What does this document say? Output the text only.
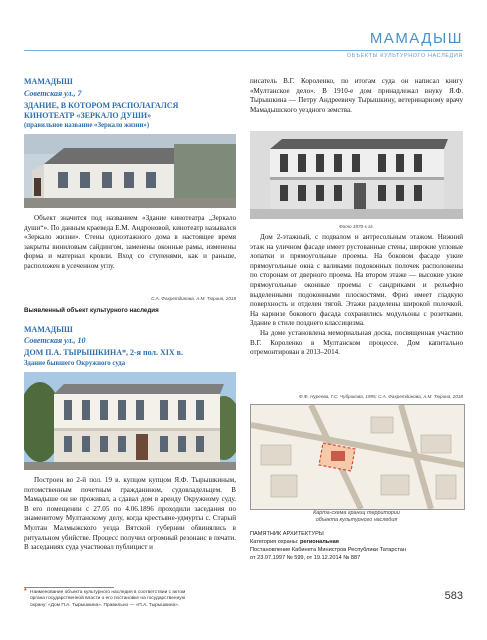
МАМАДЫШ
ОБЪЕКТЫ КУЛЬТУРНОГО НАСЛЕДИЯ
МАМАДЫШ
Советская ул., 7
ЗДАНИЕ, В КОТОРОМ РАСПОЛАГАЛСЯ
КИНОТЕАТР «ЗЕРКАЛО ДУШИ»
(правильное название «Зеркало жизни»)

Объект значится под названием «Здание кинотеатра „Зеркало души“». По данным краеведа Е.М. Андроновой, кинотеатр назывался «Зеркало жизни». Стены одноэтажного дома в настоящее время закрыты виниловым сайдингом, заменены оконные рамы, изменены форма и материал кровли. Вход со ступенями, как и раньше, расположен в усеченном углу.

С.А. Фахретдинова, А.М. Тюрина, 2018
Выявленный объект культурного наследия
МАМАДЫШ
Советская ул., 10
ДОМ П.А. ТЫРЫШКИНА*, 2-я пол. XIX в.
Здание бывшего Окружного суда

Построен во 2-й пол. 19 в. купцом купцом Я.Ф. Тырышкиным, потомственным почетным гражданином, судовладельцем. В Мамадыше он не проживал, а сдавал дом в аренду Окружному суду. В его помещении с 27.05 по 4.06.1896 проходили заседания по знаменитому Мултанскому делу, когда крестьяне-удмурты с. Старый Мултан Малмыжского уезда Вятской губернии обвинялись в ритуальном убийстве. Процесс получил огромный резонанс в печати. В заседаниях суда участвовал публицист и

писатель В.Г. Короленко, по итогам суда он написал книгу «Мултанское дело». В 1910-е дом принадлежал внуку Я.Ф. Тырышкина — Петру Андреевичу Тырышкину, ветеринарному врачу Мамадышского уездного земства.

Фото 1970-х гг.

Дом 2-этажный, с подвалом и антресольным этажом. Нижний этаж на уличном фасаде имеет рустованные стены, широкие угловые лопатки и прямоугольные проемы. На боковом фасаде узкие прямоугольные окна с валиками подоконных полочек расположены по сторонам от дверного проема. На втором этаже — высокие узкие прямоугольные оконные проемы с сандриками и рельефно выделенными подоконными плоскостями. Фриз имеет гладкую поверхность и отделен тягой. Этажи разделены широкой полочкой. На карнизе бокового фасада сохранились модульоны с розетками. Здание в стиле позднего классицизма.

На доме установлена мемориальная доска, посвященная участию В.Г. Короленко в Мултанском процессе. Дом капитально отремонтирован в 2013–2014.

Ф.Ф. Нуреева, Г.С. Чубрикова, 1995; С.А. Фахретдинова, А.М. Тюрина, 2018
Карта-схема границ территории
объекта культурного наследия
ПАМЯТНИК АРХИТЕКТУРЫ
Категория охраны: региональная
Постановление Кабинета Министров Республики Татарстан
от 23.07.1997 № 599, от 19.12.2014 № 887
* Наименование объекта культурного наследия в соответствии с актом
органа государственной власти о его постановке на государственную
охрану: «Дом П.А. Тырышкина». Правильно — «П.А. Тырышкина».
583
